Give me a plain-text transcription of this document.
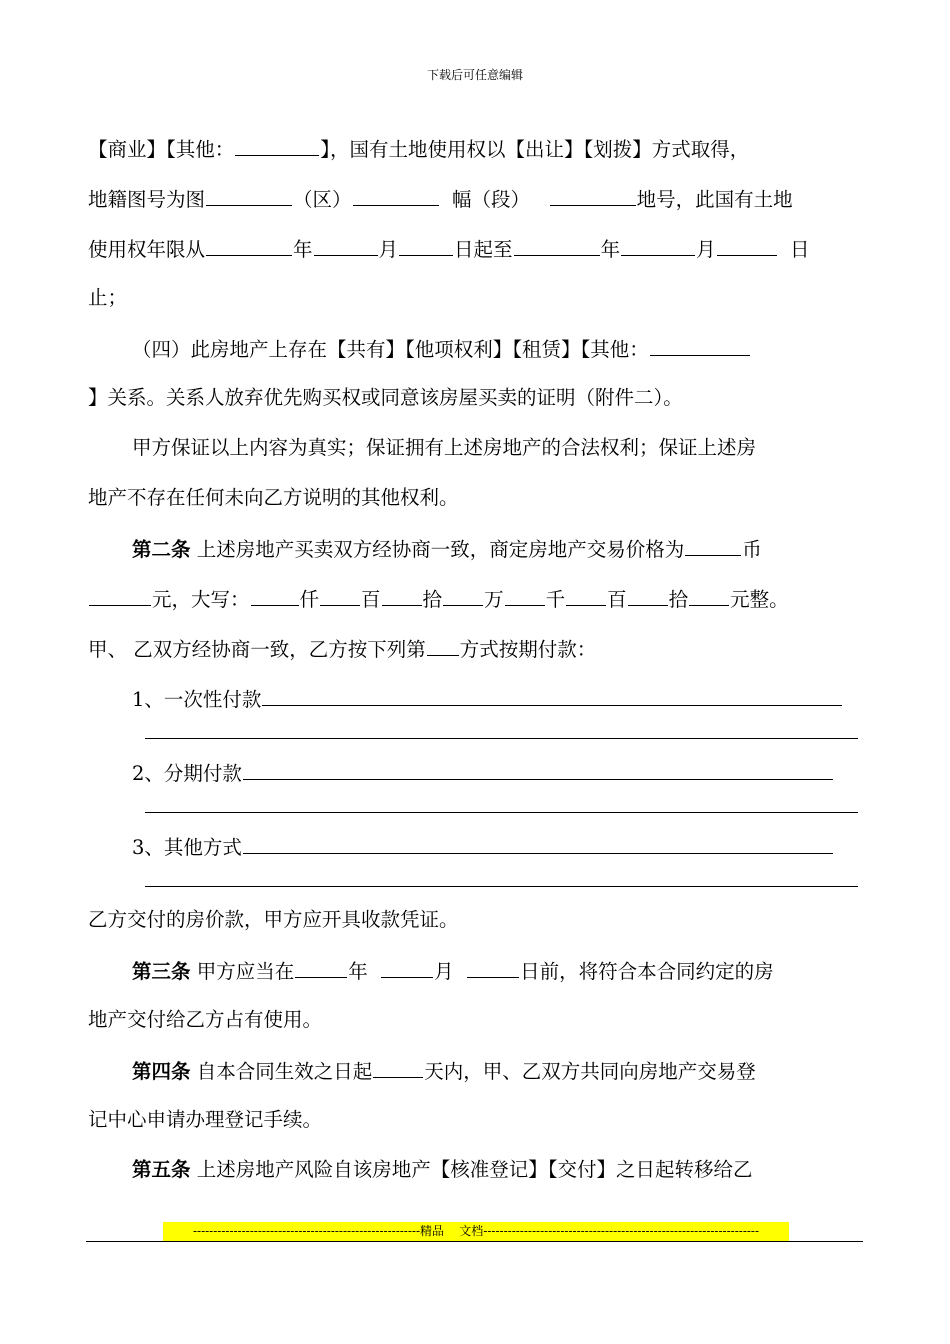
下载后可任意编辑
【商业】【其他：	】，国有土地使用权以【出让】【划拨】方式取得，
地籍图号为图	（区）	幅（段）	地号，此国有土地
使用权年限从	年	月	日起至	年	月	日
止；
（四）此房地产上存在【共有】【他项权利】【租赁】【其他：
】关系。关系人放弃优先购买权或同意该房屋买卖的证明（附件二）。
甲方保证以上内容为真实；保证拥有上述房地产的合法权利；保证上述房
地产不存在任何未向乙方说明的其他权利。
第二条 上述房地产买卖双方经协商一致，商定房地产交易价格为	币
元，大写：	仟 百 拾 万 千 百 拾 元整。
甲、 乙双方经协商一致，乙方按下列第 方式按期付款：
1、一次性付款
2、分期付款
3、其他方式
乙方交付的房价款，甲方应开具收款凭证。
第三条 甲方应当在	年	月	日前，将符合本合同约定的房
地产交付给乙方占有使用。
第四条 自本合同生效之日起	天内，甲、乙双方共同向房地产交易登
记中心申请办理登记手续。
第五条 上述房地产风险自该房地产【核准登记】【交付】之日起转移给乙
--------------------------------------------------------精品 文档--------------------------------------------------------------------
